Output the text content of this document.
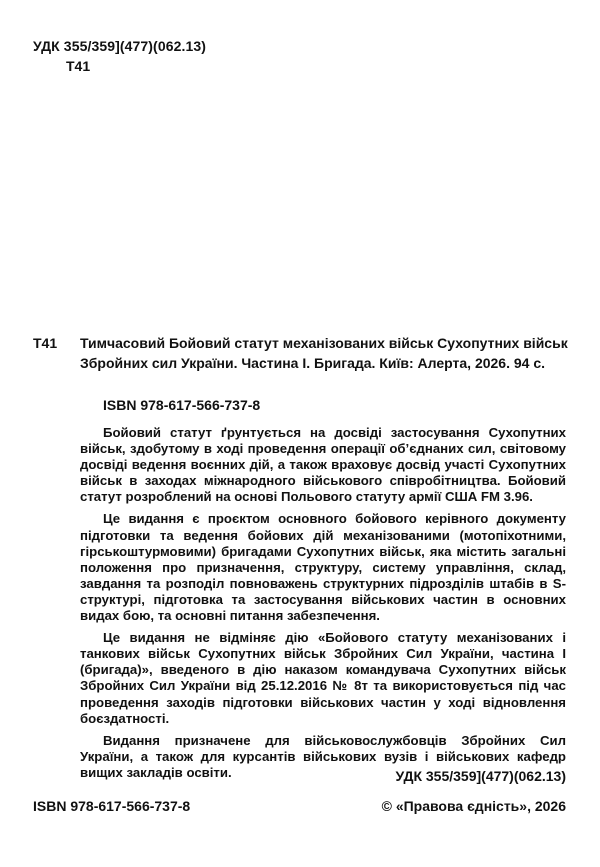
УДК 355/359](477)(062.13)
Т41
Т41 Тимчасовий Бойовий статут механізованих військ Сухопутних військ
Збройних сил України. Частина І. Бригада. Київ: Алерта, 2026. 94 с.
ISBN 978-617-566-737-8

Бойовий статут ґрунтується на досвіді застосування Сухопутних військ, здобутому в ході проведення операції об’єднаних сил, світовому досвіді ведення воєнних дій, а також враховує досвід участі Сухопутних військ в заходах міжнародного військового співробітництва. Бойовий статут розроблений на основі Польового статуту армії США FM 3.96.

Це видання є проєктом основного бойового керівного документу підготовки та ведення бойових дій механізованими (мотопіхотними, гірськоштурмовими) бригадами Сухопутних військ, яка містить загальні положення про призначення, структуру, систему управління, склад, завдання та розподіл повноважень структурних підрозділів штабів в S-структурі, підготовка та застосування військових частин в основних видах бою, та основні питання забезпечення.

Це видання не відміняє дію «Бойового статуту механізованих і танкових військ Сухопутних військ Збройних Сил України, частина І (бригада)», введеного в дію наказом командувача Сухопутних військ Збройних Сил України від 25.12.2016 № 8т та використовується під час проведення заходів підготовки військових частин у ході відновлення боєздатності.

Видання призначене для військовослужбовців Збройних Сил України, а також для курсантів військових вузів і військових кафедр вищих закладів освіти.	УДК 355/359](477)(062.13)
ISBN 978-617-566-737-8	© «Правова єдність», 2026
